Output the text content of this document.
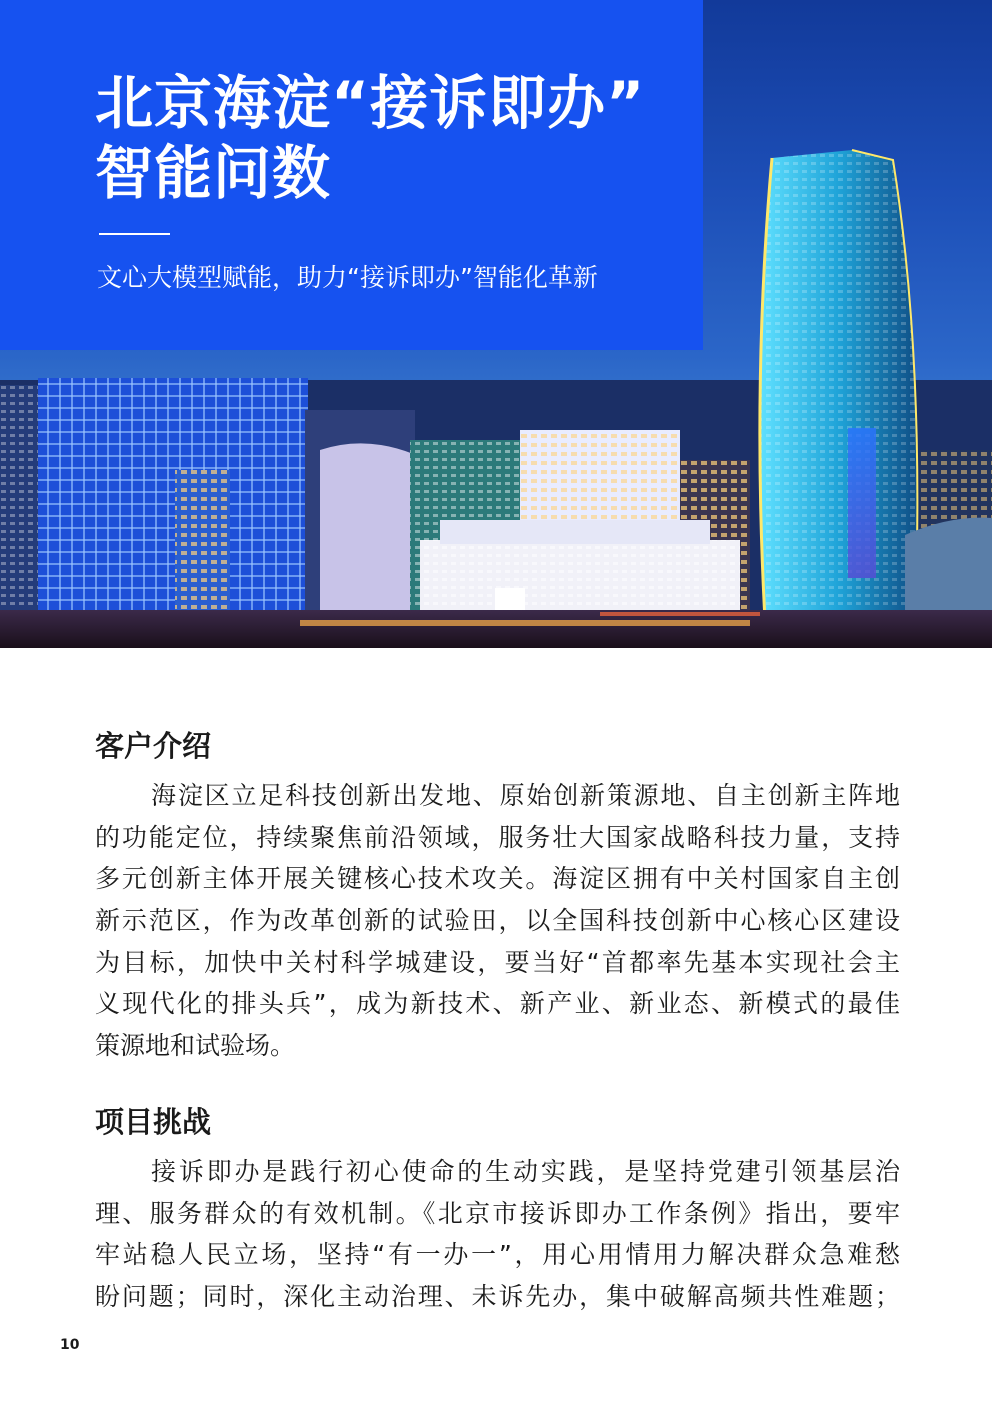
北京海淀“接诉即办”
智能问数
文心大模型赋能，助力“接诉即办”智能化革新
客户介绍
海淀区立足科技创新出发地、原始创新策源地、自主创新主阵地
的功能定位，持续聚焦前沿领域，服务壮大国家战略科技力量，支持
多元创新主体开展关键核心技术攻关。海淀区拥有中关村国家自主创
新示范区，作为改革创新的试验田，以全国科技创新中心核心区建设
为目标，加快中关村科学城建设，要当好“首都率先基本实现社会主
义现代化的排头兵”，成为新技术、新产业、新业态、新模式的最佳
策源地和试验场。
项目挑战
接诉即办是践行初心使命的生动实践，是坚持党建引领基层治
理、服务群众的有效机制。《北京市接诉即办工作条例》指出，要牢
牢站稳人民立场，坚持“有一办一”，用心用情用力解决群众急难愁
盼问题；同时，深化主动治理、未诉先办，集中破解高频共性难题；
10
